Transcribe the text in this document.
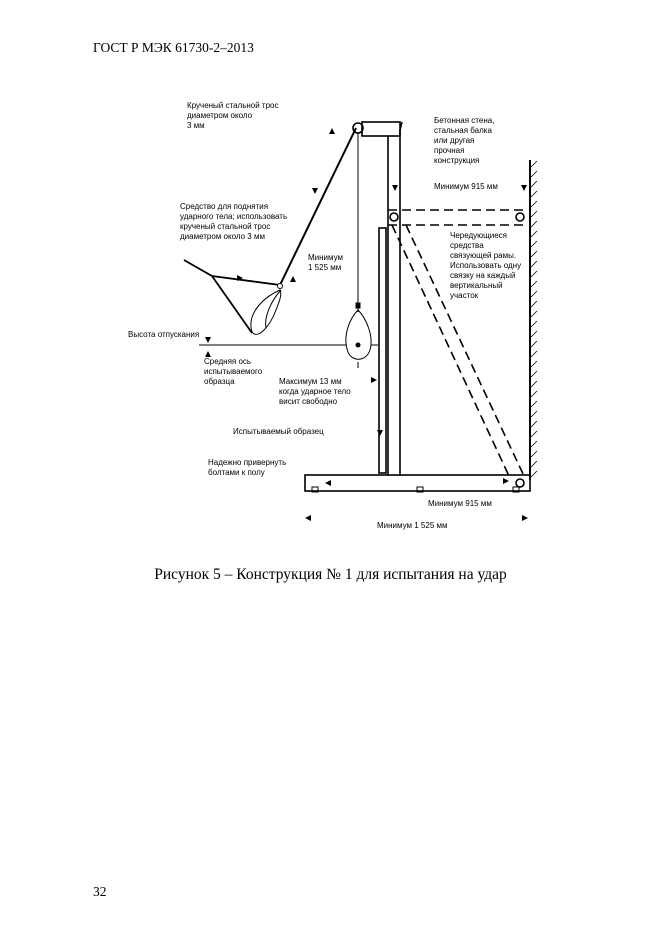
ГОСТ Р МЭК 61730-2–2013
Крученый стальной трос
диаметром около
3 мм
Бетонная стена,
стальная балка
или другая
прочная
конструкция
Минимум 915 мм
Средство для поднятия
ударного тела; использовать
крученый стальной трос
диаметром около 3 мм	Чередующиеся
средства
связующей рамы.
Использовать одну
связку на каждый
вертикальный
участок
Минимум
1 525 мм
Высота отпускания
Средняя ось
испытываемого
образца	Максимум 13 мм
когда ударное тело
висит свободно
Испытываемый образец
Надежно привернуть
болтами к полу
Минимум 915 мм
Минимум 1 525 мм
Рисунок 5 – Конструкция № 1 для испытания на удар
32
